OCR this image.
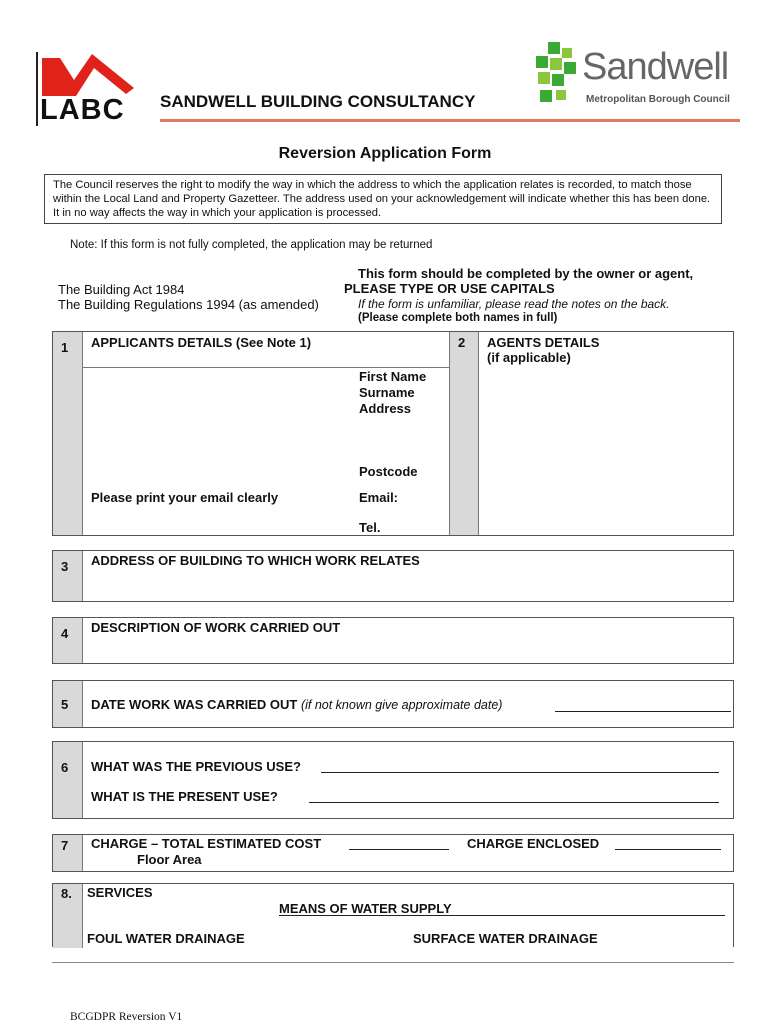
LABC SANDWELL BUILDING CONSULTANCY
Sandwell
Metropolitan Borough Council
Reversion Application Form
The Council reserves the right to modify the way in which the address to which the application relates is recorded, to match those within the Local Land and Property Gazetteer. The address used on your acknowledgement will indicate whether this has been done. It in no way affects the way in which your application is processed.
Note: If this form is not fully completed, the application may be returned
The Building Act 1984
The Building Regulations 1994 (as amended)
This form should be completed by the owner or agent,
PLEASE TYPE OR USE CAPITALS
If the form is unfamiliar, please read the notes on the back.
(Please complete both names in full)
1	APPLICANTS DETAILS (See Note 1)	2	AGENTS DETAILS
(if applicable)
First Name
Surname
Address
Postcode
Please print your email clearly	Email:
Tel.
3	ADDRESS OF BUILDING TO WHICH WORK RELATES
4	DESCRIPTION OF WORK CARRIED OUT
5	DATE WORK WAS CARRIED OUT (if not known give approximate date)
6	WHAT WAS THE PREVIOUS USE?
WHAT IS THE PRESENT USE?
7	CHARGE – TOTAL ESTIMATED COST
Floor Area
CHARGE ENCLOSED
8.	SERVICES
MEANS OF WATER SUPPLY
FOUL WATER DRAINAGE	SURFACE WATER DRAINAGE
BCGDPR Reversion V1
